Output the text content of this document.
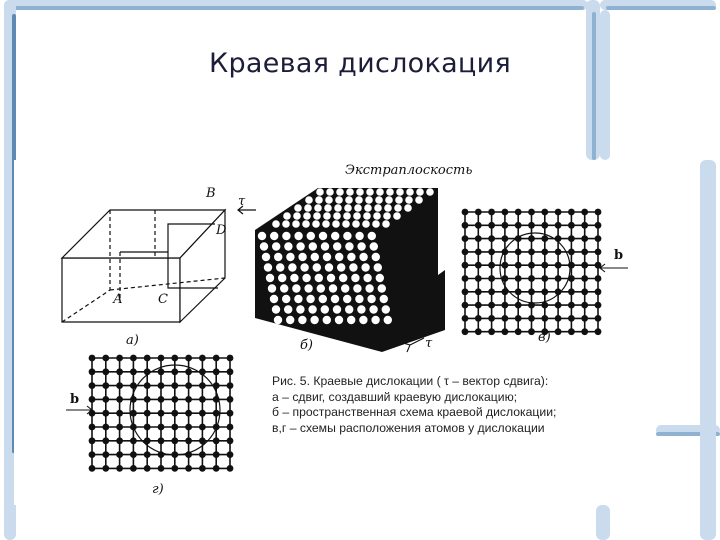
Краевая дислокация
Экстраплоскость
а)	б)
в)
г)
В
D
А	С
τ
τ
b
b
Рис. 5. Краевые дислокации ( τ – вектор сдвига):
а – сдвиг, создавший краевую дислокацию;
б – пространственная схема краевой дислокации;
в,г – схемы расположения атомов у дислокации
